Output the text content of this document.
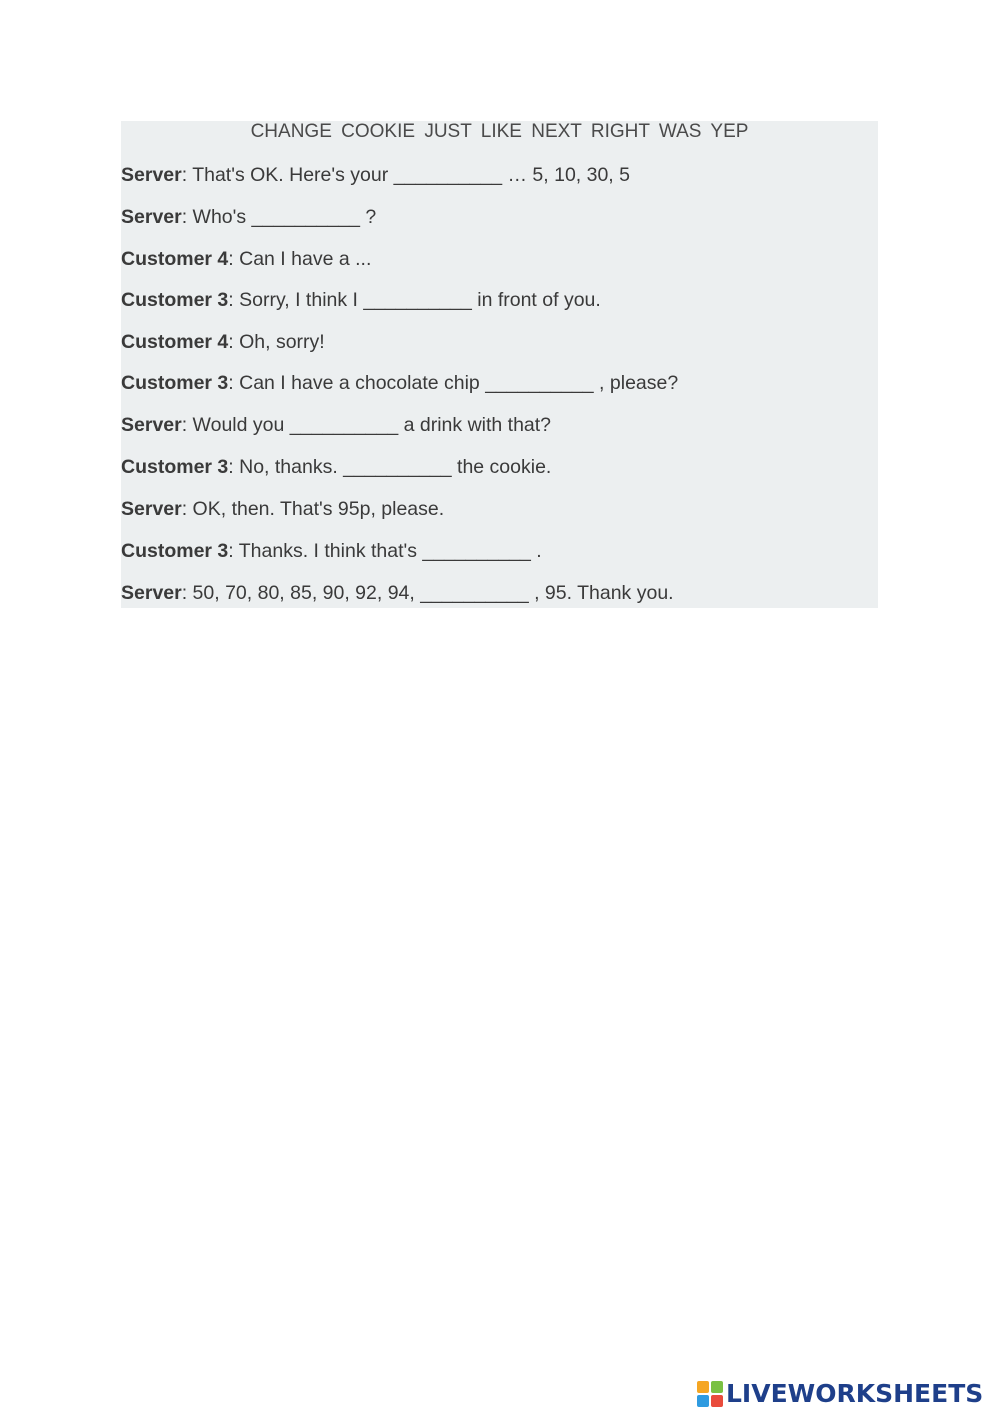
CHANGE COOKIE JUST LIKE NEXT RIGHT WAS YEP
Server: That's OK. Here's your __________ … 5, 10, 30, 5
Server: Who's __________ ?
Customer 4: Can I have a ...
Customer 3: Sorry, I think I __________ in front of you.
Customer 4: Oh, sorry!
Customer 3: Can I have a chocolate chip __________ , please?
Server: Would you __________ a drink with that?
Customer 3: No, thanks. __________ the cookie.
Server: OK, then. That's 95p, please.
Customer 3: Thanks. I think that's __________ .
Server: 50, 70, 80, 85, 90, 92, 94, __________ , 95. Thank you.
LIVEWORKSHEETS
